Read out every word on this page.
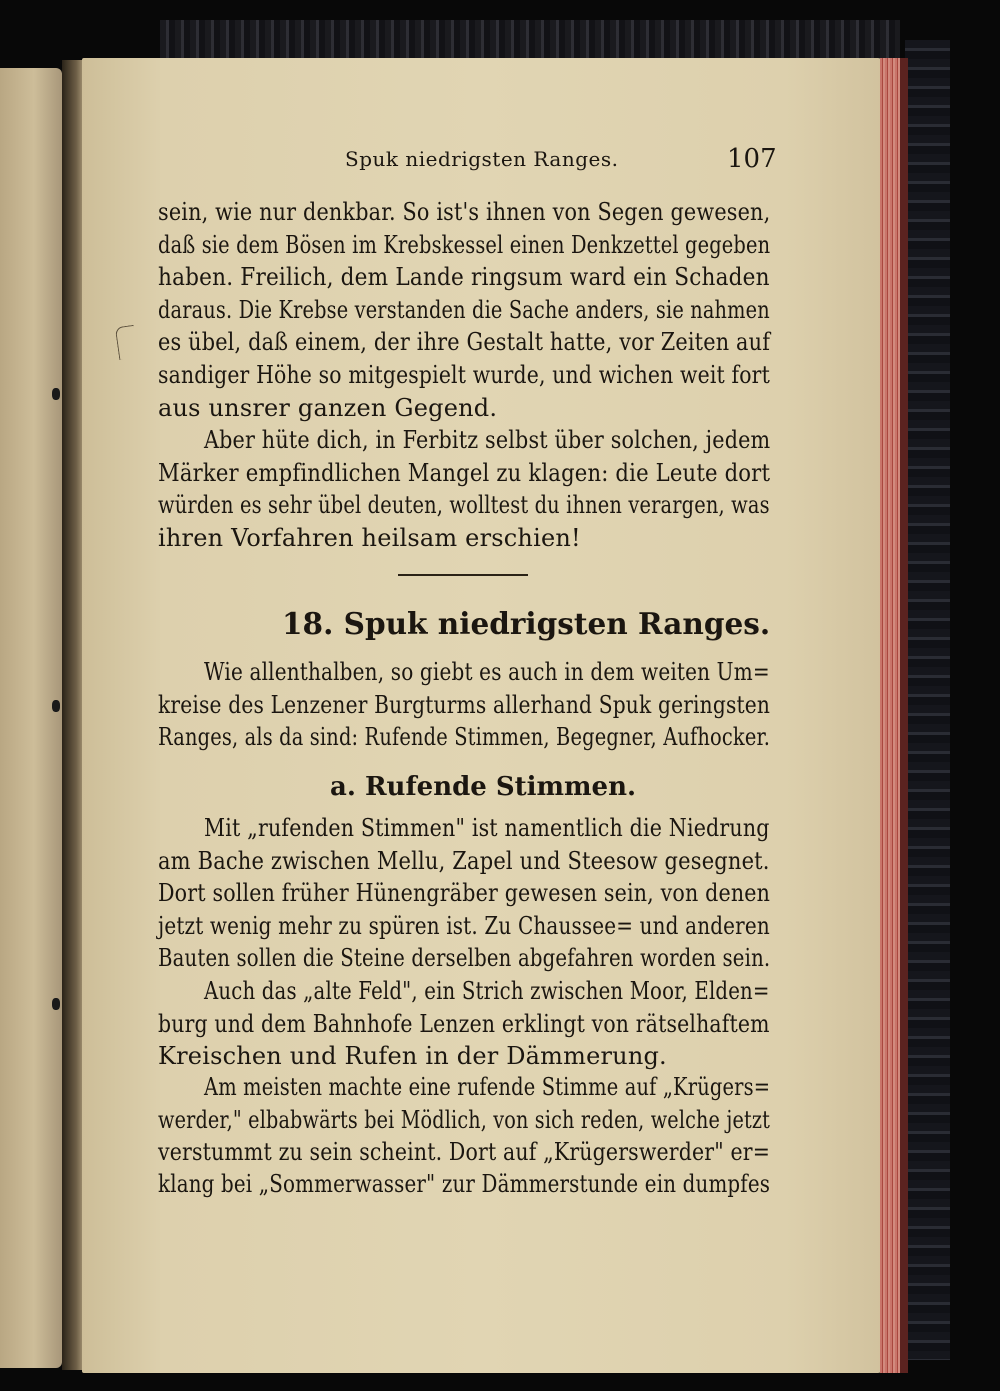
Spuk niedrigsten Ranges.	107
sein, wie nur denkbar. So ist's ihnen von Segen gewesen,
daß sie dem Bösen im Krebskessel einen Denkzettel gegeben
haben. Freilich, dem Lande ringsum ward ein Schaden
daraus. Die Krebse verstanden die Sache anders, sie nahmen
es übel, daß einem, der ihre Gestalt hatte, vor Zeiten auf
sandiger Höhe so mitgespielt wurde, und wichen weit fort
aus unsrer ganzen Gegend.
Aber hüte dich, in Ferbitz selbst über solchen, jedem
Märker empfindlichen Mangel zu klagen: die Leute dort
würden es sehr übel deuten, wolltest du ihnen verargen, was
ihren Vorfahren heilsam erschien!
18. Spuk niedrigsten Ranges.
Wie allenthalben, so giebt es auch in dem weiten Um=
kreise des Lenzener Burgturms allerhand Spuk geringsten
Ranges, als da sind: Rufende Stimmen, Begegner, Aufhocker.
a. Rufende Stimmen.
Mit „rufenden Stimmen" ist namentlich die Niedrung
am Bache zwischen Mellu, Zapel und Steesow gesegnet.
Dort sollen früher Hünengräber gewesen sein, von denen
jetzt wenig mehr zu spüren ist. Zu Chaussee= und anderen
Bauten sollen die Steine derselben abgefahren worden sein.
Auch das „alte Feld", ein Strich zwischen Moor, Elden=
burg und dem Bahnhofe Lenzen erklingt von rätselhaftem
Kreischen und Rufen in der Dämmerung.
Am meisten machte eine rufende Stimme auf „Krügers=
werder," elbabwärts bei Mödlich, von sich reden, welche jetzt
verstummt zu sein scheint. Dort auf „Krügerswerder" er=
klang bei „Sommerwasser" zur Dämmerstunde ein dumpfes
